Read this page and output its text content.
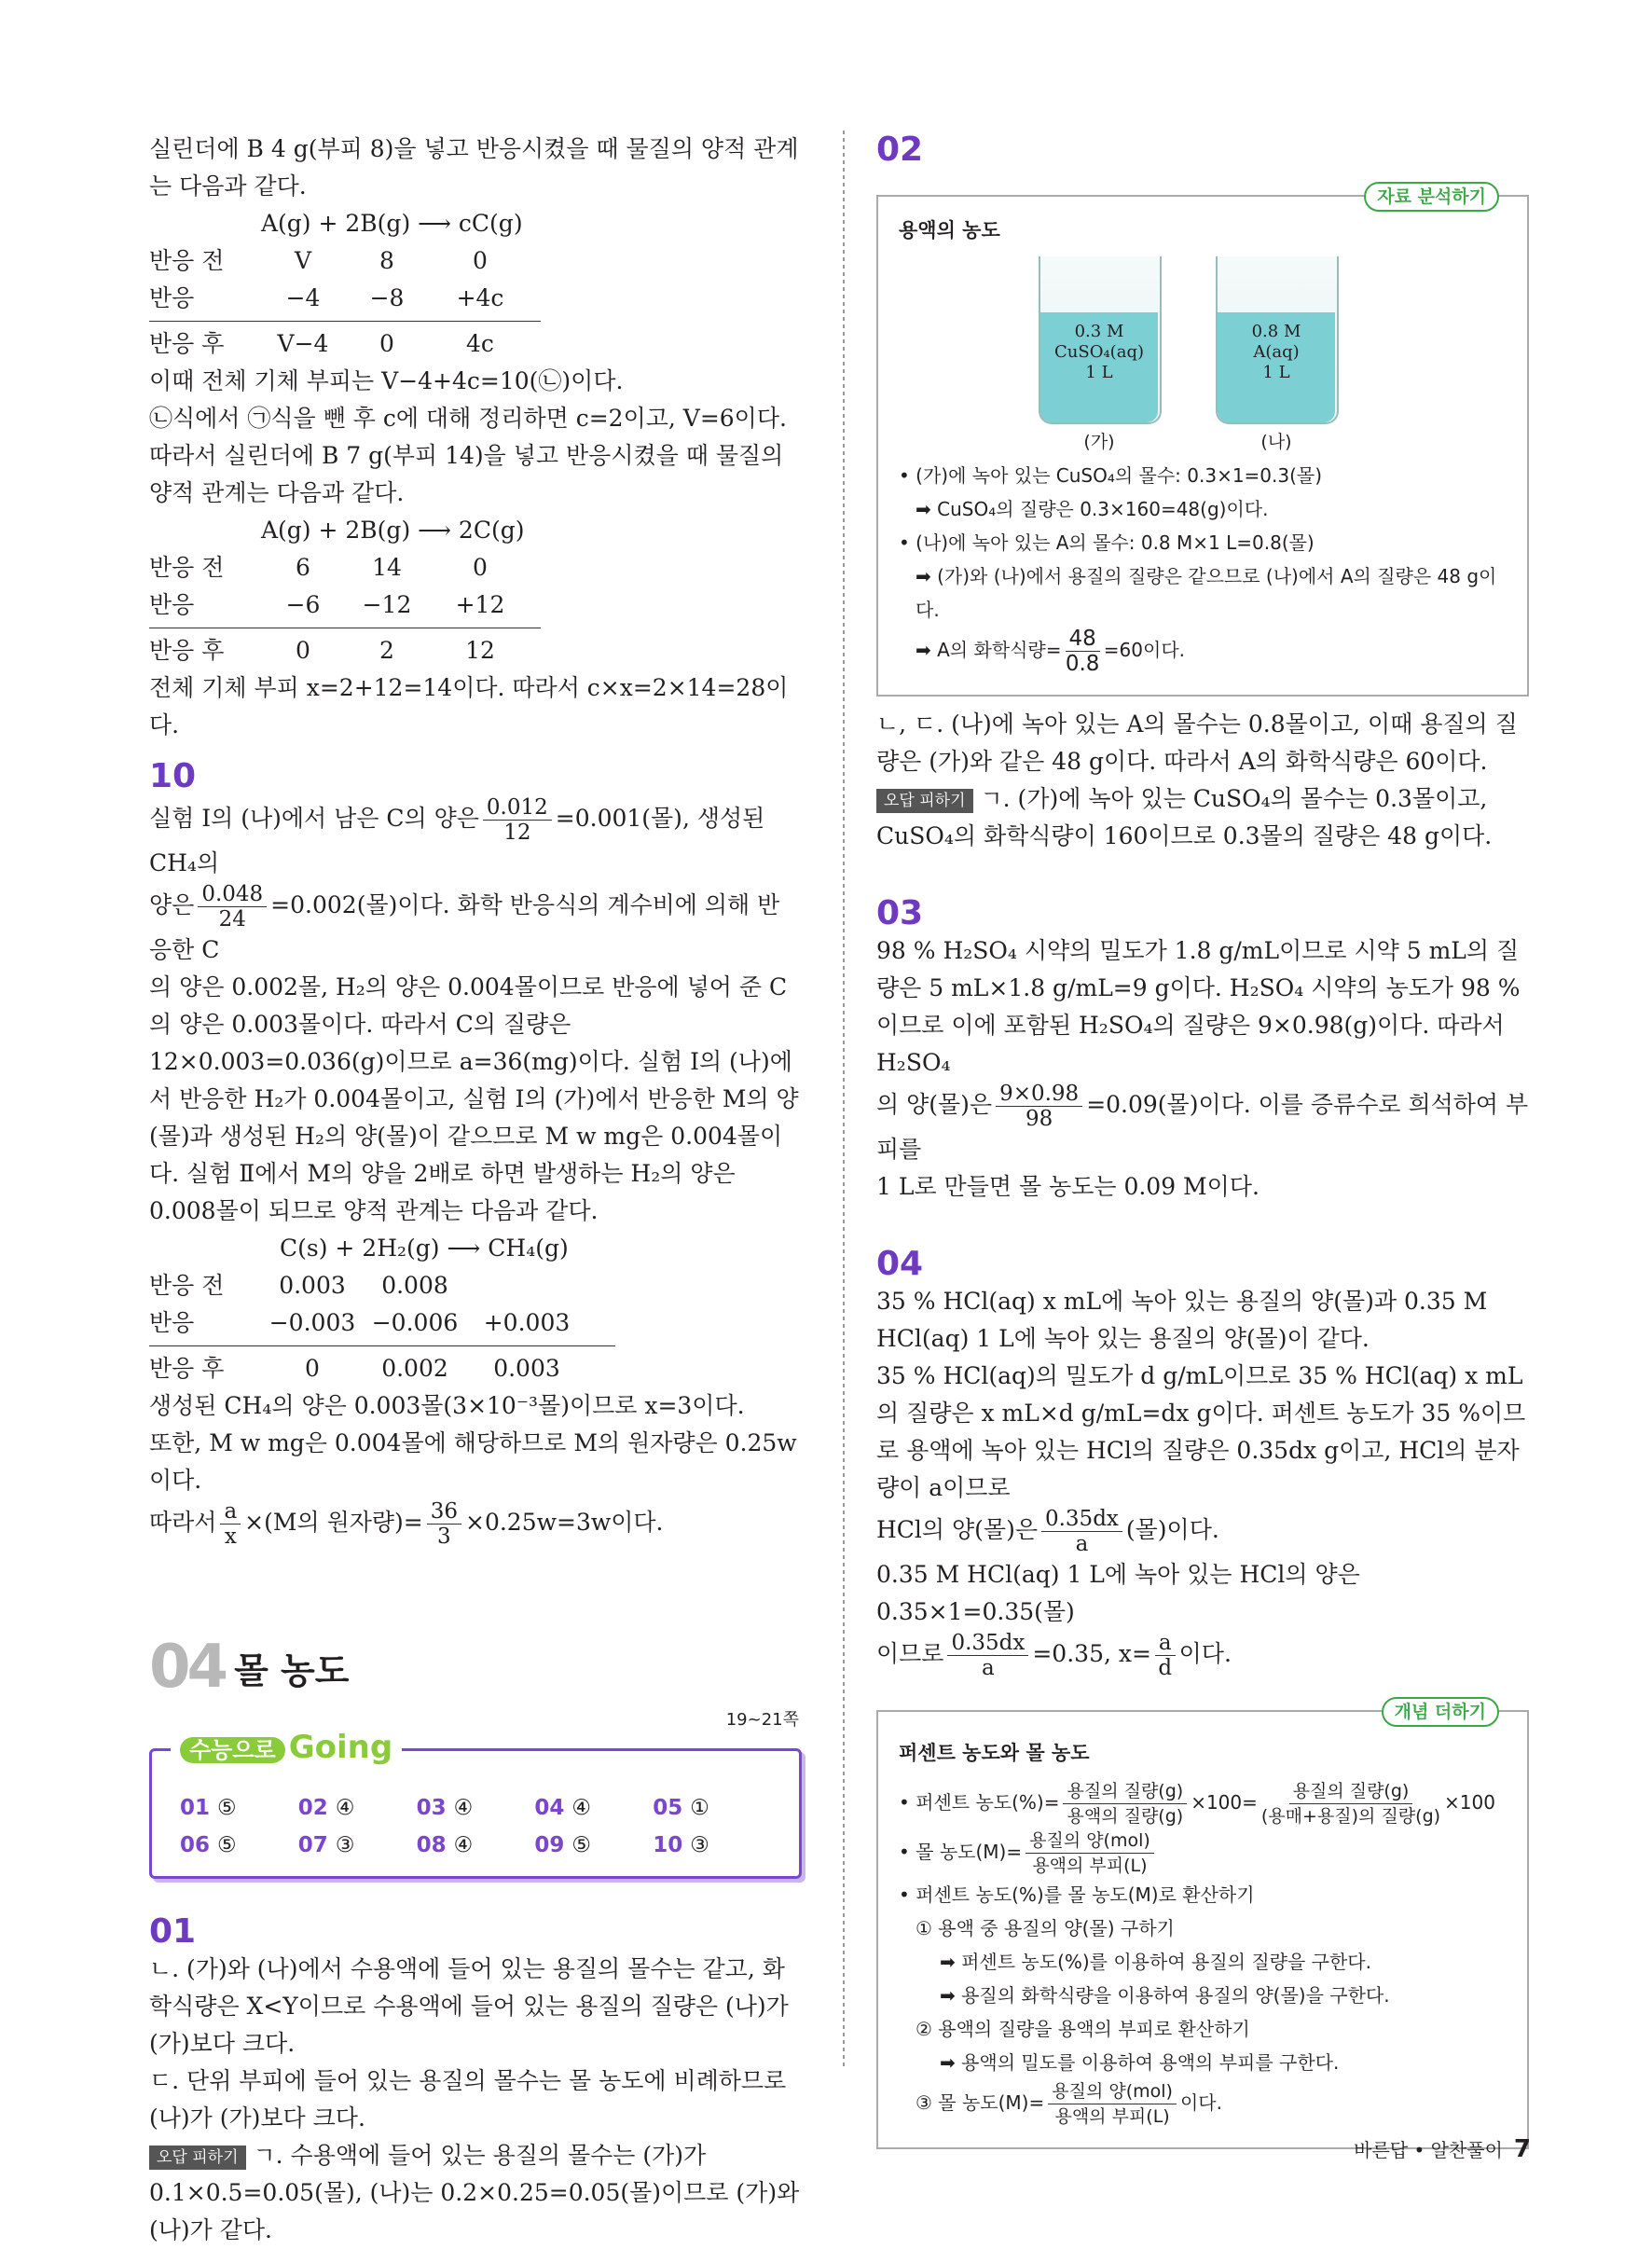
실린더에 B 4 g(부피 8)을 넣고 반응시켰을 때 물질의 양적 관계는 다음과 같다.

A(g) + 2B(g) ⟶ cC(g)
반응 전	V	8	0
반응	−4	−8	+4c
반응 후	V−4	0	4c

이때 전체 기체 부피는 V−4+4c=10(㉡)이다.

㉡식에서 ㉠식을 뺀 후 c에 대해 정리하면 c=2이고, V=6이다.

따라서 실린더에 B 7 g(부피 14)을 넣고 반응시켰을 때 물질의 양적 관계는 다음과 같다.

A(g) + 2B(g) ⟶ 2C(g)
반응 전	6	14	0
반응	−6	−12	+12
반응 후	0	2	12

전체 기체 부피 x=2+12=14이다. 따라서 c×x=2×14=28이다.

10

실험 Ⅰ의 (나)에서 남은 C의 양은 $\frac{0.012}{12} =0.001$(몰), 생성된 CH₄의

양은 $\frac{0.048}{24} =0.002$(몰)이다. 화학 반응식의 계수비에 의해 반응한 C

의 양은 0.002몰, H₂의 양은 0.004몰이므로 반응에 넣어 준 C의 양은 0.003몰이다. 따라서 C의 질량은 12×0.003=0.036(g)이므로 a=36(mg)이다. 실험 Ⅰ의 (나)에서 반응한 H₂가 0.004몰이고, 실험 Ⅰ의 (가)에서 반응한 M의 양(몰)과 생성된 H₂의 양(몰)이 같으므로 M w mg은 0.004몰이다. 실험 Ⅱ에서 M의 양을 2배로 하면 발생하는 H₂의 양은 0.008몰이 되므로 양적 관계는 다음과 같다.

C(s) + 2H₂(g) ⟶ CH₄(g)
반응 전	0.003	0.008
반응	−0.003 −0.006	+0.003
반응 후	0	0.002	0.003

생성된 CH₄의 양은 0.003몰(3×10⁻³몰)이므로 x=3이다.

또한, M w mg은 0.004몰에 해당하므로 M의 원자량은 0.25w이다.

따라서 $\frac{a}{x} \times(M$의 원자량)= $\frac{36}{3} \times 0.25w=3w$이다.

04 몰 농도
수능으로 Going
19~21쪽
01 ⑤	02 ④	03 ④	04 ④	05 ①
06 ⑤	07 ③	08 ④	09 ⑤	10 ③
01

ㄴ. (가)와 (나)에서 수용액에 들어 있는 용질의 몰수는 같고, 화학식량은 X<Y이므로 수용액에 들어 있는 용질의 질량은 (나)가 (가)보다 크다.

ㄷ. 단위 부피에 들어 있는 용질의 몰수는 몰 농도에 비례하므로 (나)가 (가)보다 크다.

오답 피하기 ㄱ. 수용액에 들어 있는 용질의 몰수는 (가)가 0.1×0.5=0.05(몰), (나)는 0.2×0.25=0.05(몰)이므로 (가)와 (나)가 같다.

02
자료 분석하기
용액의 농도
0.3 M
CuSO₄(aq)
1 L
(가)
0.8 M
A(aq)
1 L
(나)
• (가)에 녹아 있는 CuSO₄의 몰수: 0.3×1=0.3(몰)
➡ CuSO₄의 질량은 0.3×160=48(g)이다.
• (나)에 녹아 있는 A의 몰수: 0.8 M×1 L=0.8(몰)
➡ (가)와 (나)에서 용질의 질량은 같으므로 (나)에서 A의 질량은 48 g이다.
➡ A의 화학식량= $\frac{48}{0.8} =60$이다.

ㄴ, ㄷ. (나)에 녹아 있는 A의 몰수는 0.8몰이고, 이때 용질의 질량은 (가)와 같은 48 g이다. 따라서 A의 화학식량은 60이다.

오답 피하기 ㄱ. (가)에 녹아 있는 CuSO₄의 몰수는 0.3몰이고, CuSO₄의 화학식량이 160이므로 0.3몰의 질량은 48 g이다.

03

98 % H₂SO₄ 시약의 밀도가 1.8 g/mL이므로 시약 5 mL의 질량은 5 mL×1.8 g/mL=9 g이다. H₂SO₄ 시약의 농도가 98 %이므로 이에 포함된 H₂SO₄의 질량은 9×0.98(g)이다. 따라서 H₂SO₄

의 양(몰)은 $\frac{9\times 0.98}{98} =0.09$(몰)이다. 이를 증류수로 희석하여 부피를

1 L로 만들면 몰 농도는 0.09 M이다.

04

35 % HCl(aq) x mL에 녹아 있는 용질의 양(몰)과 0.35 M HCl(aq) 1 L에 녹아 있는 용질의 양(몰)이 같다.

35 % HCl(aq)의 밀도가 d g/mL이므로 35 % HCl(aq) x mL의 질량은 x mL×d g/mL=dx g이다. 퍼센트 농도가 35 %이므로 용액에 녹아 있는 HCl의 질량은 0.35dx g이고, HCl의 분자량이 a이므로

HCl의 양(몰)은 $\frac{0.35dx}{a}$ (몰)이다.

0.35 M HCl(aq) 1 L에 녹아 있는 HCl의 양은 0.35×1=0.35(몰)

이므로 $\frac{0.35dx}{a} =0.35$, $x= \frac{a}{d}$ 이다.

개념 더하기
퍼센트 농도와 몰 농도
• 퍼센트 농도(%)= $\frac{\text{용질의 질량(g)}}{\text{용액의 질량(g)}} \times 100= \frac{\text{용질의 질량(g)}}{\text{(용매+용질)의 질량(g)}} \times 100$
• 몰 농도$(M)= \frac{\text{용질의 양(mol)}}{\text{용액의 부피(L)}}$
• 퍼센트 농도(%)를 몰 농도(M)로 환산하기
① 용액 중 용질의 양(몰) 구하기
➡ 퍼센트 농도(%)를 이용하여 용질의 질량을 구한다.
➡ 용질의 화학식량을 이용하여 용질의 양(몰)을 구한다.
② 용액의 질량을 용액의 부피로 환산하기
➡ 용액의 밀도를 이용하여 용액의 부피를 구한다.
③ 몰 농도$(M)= \frac{\text{용질의 양(mol)}}{\text{용액의 부피(L)}}$ 이다.
바른답 • 알찬풀이 7
